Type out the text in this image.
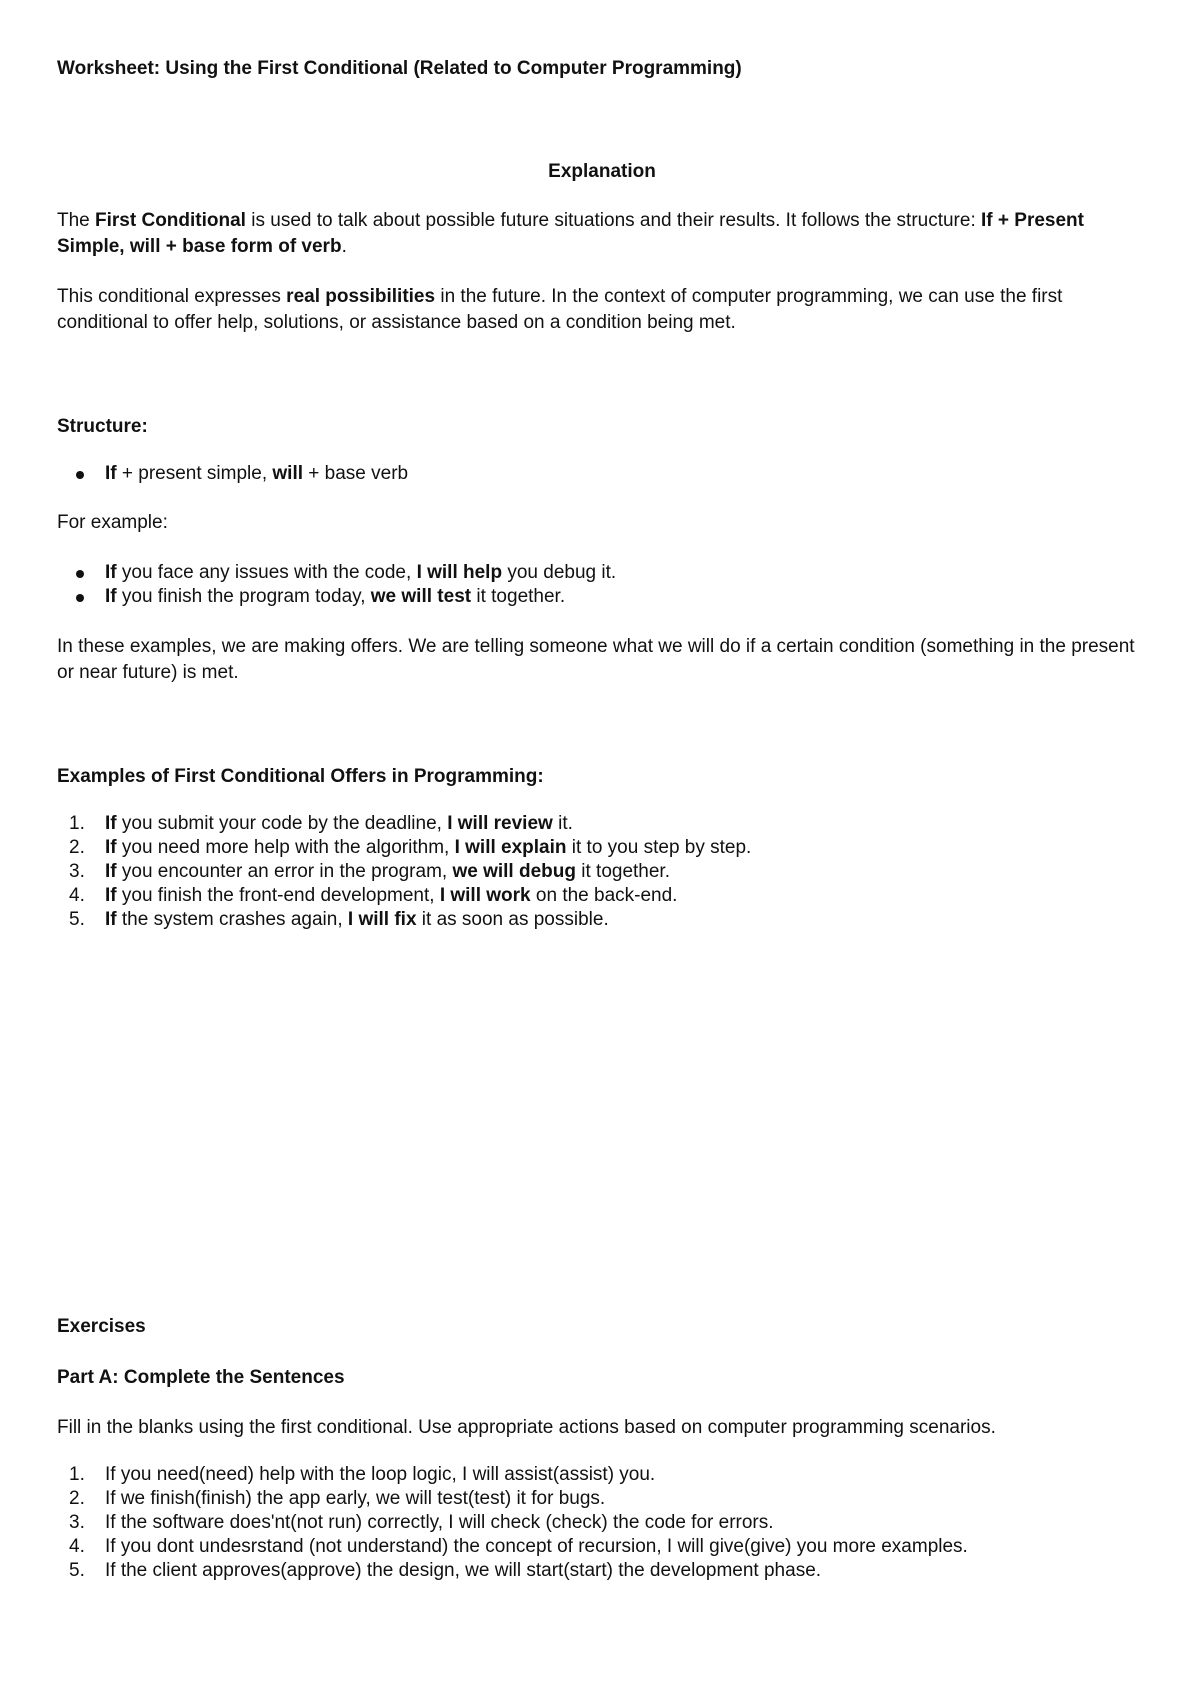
Worksheet: Using the First Conditional (Related to Computer Programming)

Explanation

The First Conditional is used to talk about possible future situations and their results. It follows the structure: If + Present Simple, will + base form of verb.

This conditional expresses real possibilities in the future. In the context of computer programming, we can use the first conditional to offer help, solutions, or assistance based on a condition being met.

Structure:

If + present simple, will + base verb

For example:

If you face any issues with the code, I will help you debug it.
If you finish the program today, we will test it together.

In these examples, we are making offers. We are telling someone what we will do if a certain condition (something in the present or near future) is met.

Examples of First Conditional Offers in Programming:

1. If you submit your code by the deadline, I will review it.
2. If you need more help with the algorithm, I will explain it to you step by step.
3. If you encounter an error in the program, we will debug it together.
4. If you finish the front-end development, I will work on the back-end.
5. If the system crashes again, I will fix it as soon as possible.

Exercises

Part A: Complete the Sentences

Fill in the blanks using the first conditional. Use appropriate actions based on computer programming scenarios.

1. If you need(need) help with the loop logic, I will assist(assist) you.
2. If we finish(finish) the app early, we will test(test) it for bugs.
3. If the software does'nt(not run) correctly, I will check (check) the code for errors.
4. If you dont undesrstand (not understand) the concept of recursion, I will give(give) you more examples.
5. If the client approves(approve) the design, we will start(start) the development phase.
